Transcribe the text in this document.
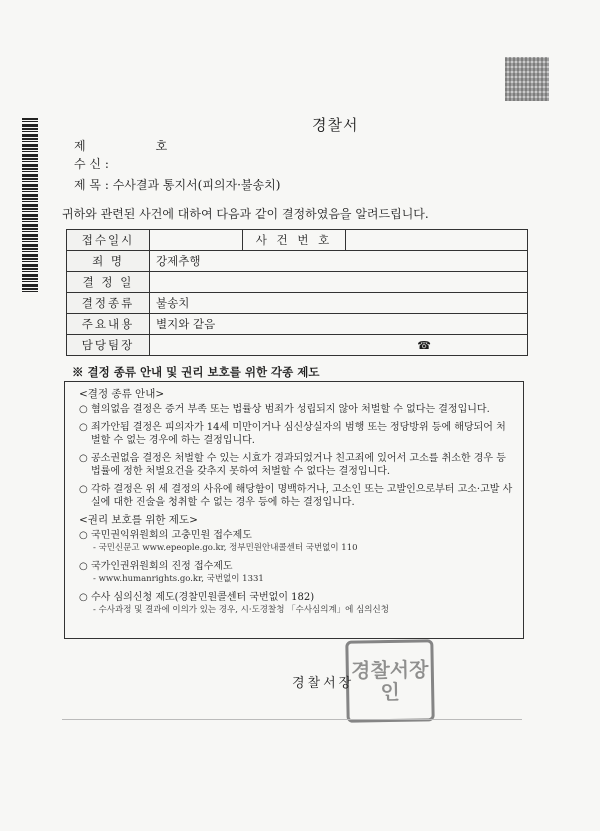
경찰서
제	호
수 신 :
제 목 : 수사결과 통지서(피의자·불송치)
귀하와 관련된 사건에 대하여 다음과 같이 결정하였음을 알려드립니다.
접수일시		사 건 번 호	
죄 명	강제추행		
결 정 일			
결정종류	불송치		
주요내용	별지와 같음		
담당팀장	☎		
※ 결정 종류 안내 및 권리 보호를 위한 각종 제도
<결정 종류 안내>
○ 혐의없음 결정은 증거 부족 또는 법률상 범죄가 성립되지 않아 처벌할 수 없다는 결정입니다.
○ 죄가안됨 결정은 피의자가 14세 미만이거나 심신상실자의 범행 또는 정당방위 등에 해당되어 처벌할 수 없는 경우에 하는 결정입니다.
○ 공소권없음 결정은 처벌할 수 있는 시효가 경과되었거나 친고죄에 있어서 고소를 취소한 경우 등 법률에 정한 처벌요건을 갖추지 못하여 처벌할 수 없다는 결정입니다.
○ 각하 결정은 위 세 결정의 사유에 해당함이 명백하거나, 고소인 또는 고발인으로부터 고소·고발 사실에 대한 진술을 청취할 수 없는 경우 등에 하는 결정입니다.
<권리 보호를 위한 제도>
○ 국민권익위원회의 고충민원 접수제도
- 국민신문고 www.epeople.go.kr, 정부민원안내콜센터 국번없이 110
○ 국가인권위원회의 진정 접수제도
- www.humanrights.go.kr, 국번없이 1331
○ 수사 심의신청 제도(경찰민원콜센터 국번없이 182)
- 수사과정 및 결과에 이의가 있는 경우, 시·도경찰청 「수사심의계」에 심의신청
경찰서장
경찰서장인
